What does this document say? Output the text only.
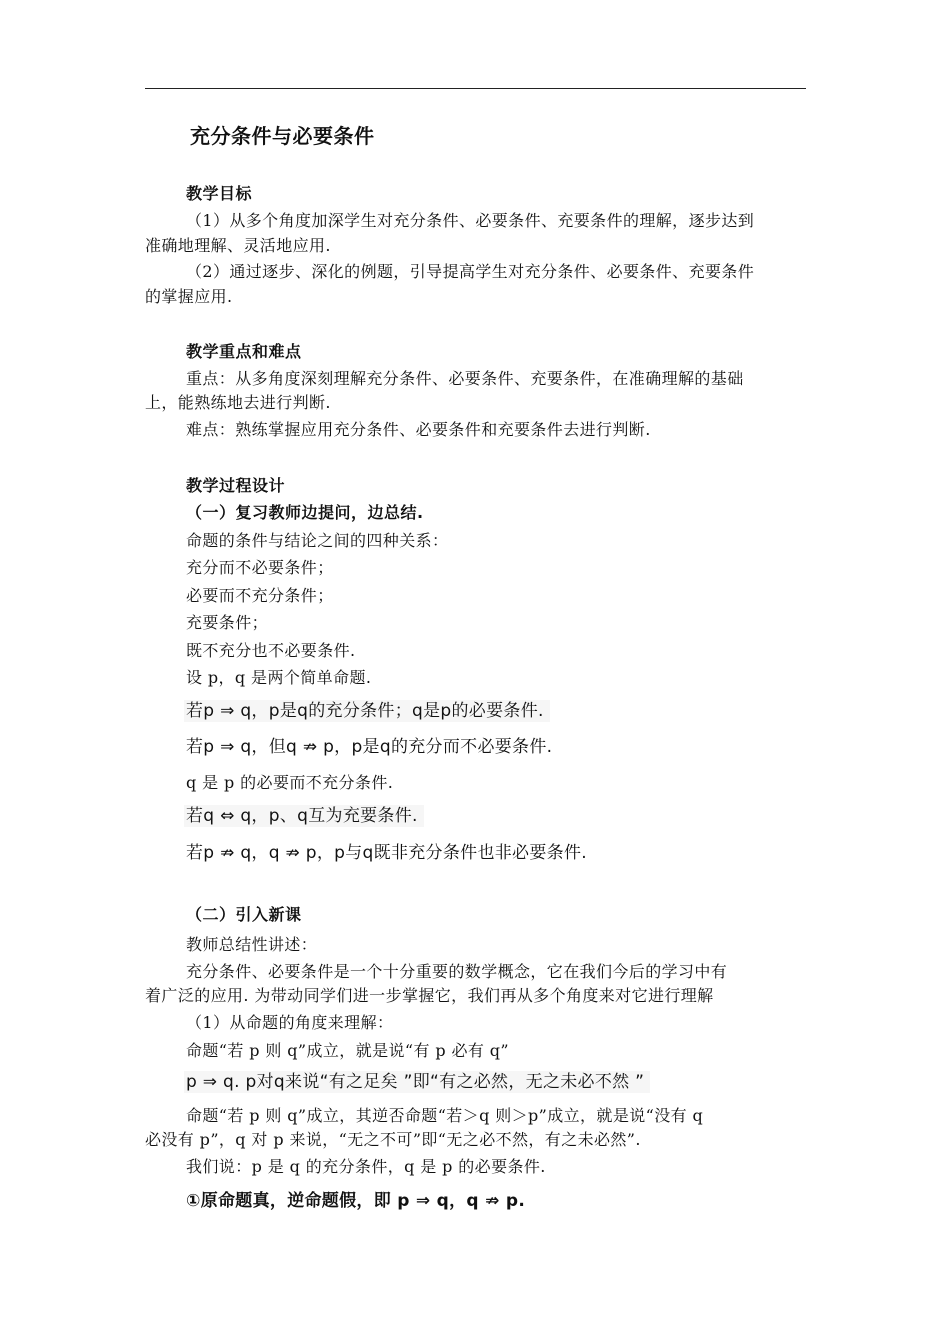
充分条件与必要条件
教学目标
（1）从多个角度加深学生对充分条件、必要条件、充要条件的理解，逐步达到
准确地理解、灵活地应用.
（2）通过逐步、深化的例题，引导提高学生对充分条件、必要条件、充要条件
的掌握应用.
教学重点和难点
重点：从多角度深刻理解充分条件、必要条件、充要条件，在准确理解的基础
上，能熟练地去进行判断.
难点：熟练掌握应用充分条件、必要条件和充要条件去进行判断.
教学过程设计
（一）复习教师边提问，边总结.
命题的条件与结论之间的四种关系：
充分而不必要条件；
必要而不充分条件；
充要条件；
既不充分也不必要条件.
设 p，q 是两个简单命题.
若p ⇒ q，p是q的充分条件；q是p的必要条件.
若p ⇒ q，但q ⇏ p，p是q的充分而不必要条件.
q 是 p 的必要而不充分条件.
若q ⇔ q，p、q互为充要条件.
若p ⇏ q，q ⇏ p，p与q既非充分条件也非必要条件.
（二）引入新课
教师总结性讲述：
充分条件、必要条件是一个十分重要的数学概念，它在我们今后的学习中有
着广泛的应用. 为带动同学们进一步掌握它，我们再从多个角度来对它进行理解
（1）从命题的角度来理解：
命题“若 p 则 q”成立，就是说“有 p 必有 q”
p ⇒ q. p对q来说“有之足矣 ”即“有之必然，无之未必不然 ”
命题“若 p 则 q”成立，其逆否命题“若＞q 则＞p”成立，就是说“没有 q
必没有 p”，q 对 p 来说，“无之不可”即“无之必不然，有之未必然”.
我们说：p 是 q 的充分条件，q 是 p 的必要条件.
①原命题真，逆命题假，即 p ⇒ q，q ⇏ p.
